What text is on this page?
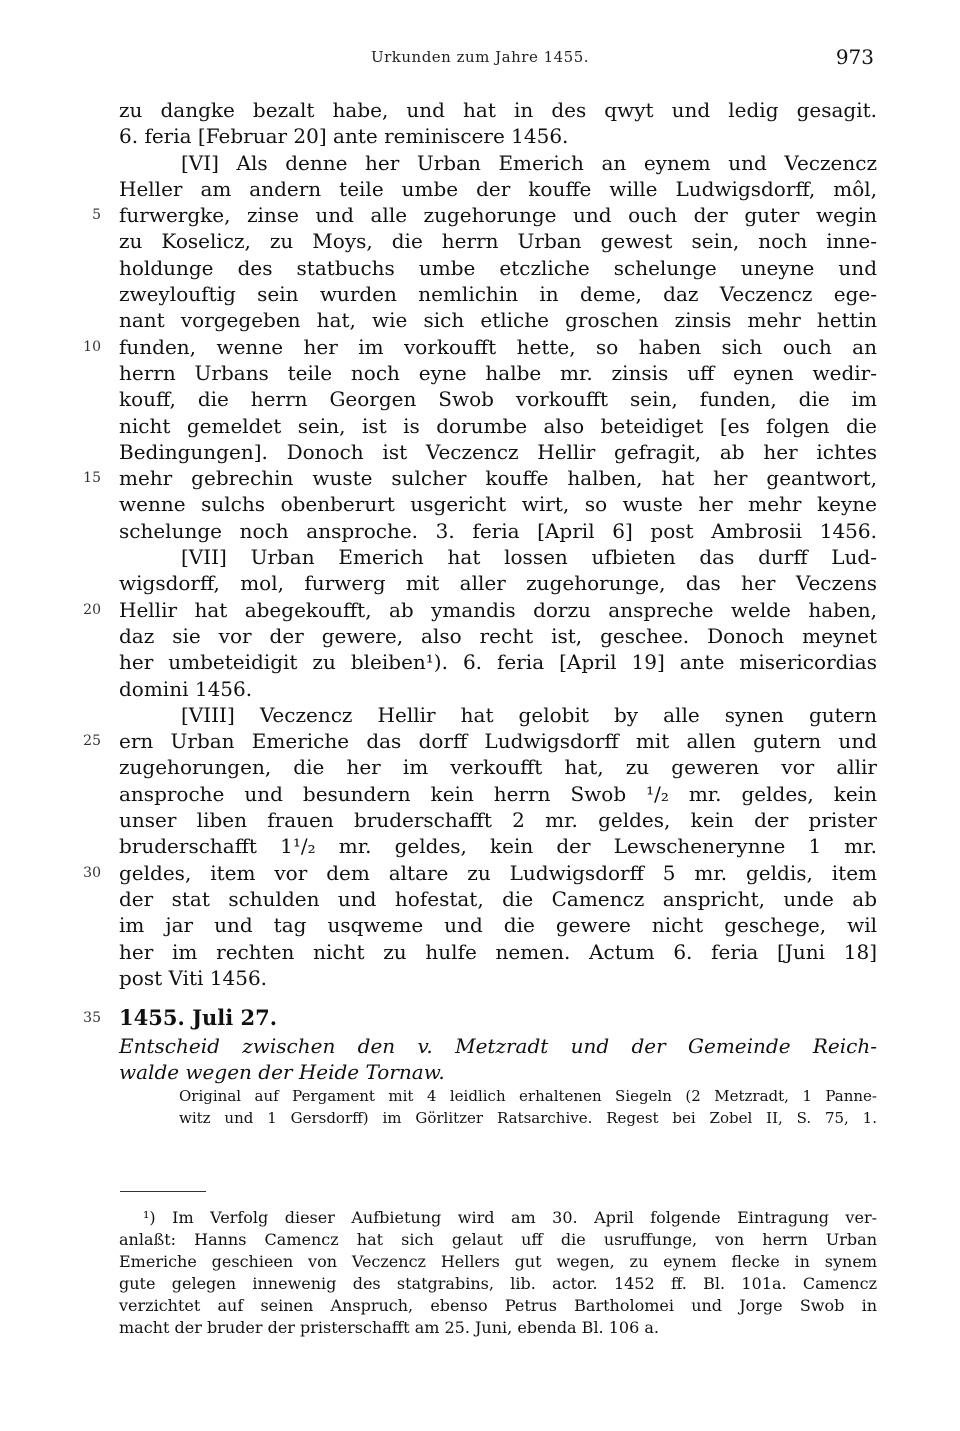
Urkunden zum Jahre 1455.	973
zu dangke bezalt habe, und hat in des qwyt und ledig gesagit.
6. feria [Februar 20] ante reminiscere 1456.
[VI] Als denne her Urban Emerich an eynem und Veczencz
Heller am andern teile umbe der kouffe wille Ludwigsdorff, môl,
5 furwergke, zinse und alle zugehorunge und ouch der guter wegin
zu Koselicz, zu Moys, die herrn Urban gewest sein, noch inne-
holdunge des statbuchs umbe etczliche schelunge uneyne und
zweylouftig sein wurden nemlichin in deme, daz Veczencz ege-
nant vorgegeben hat, wie sich etliche groschen zinsis mehr hettin
10 funden, wenne her im vorkoufft hette, so haben sich ouch an
herrn Urbans teile noch eyne halbe mr. zinsis uff eynen wedir-
kouff, die herrn Georgen Swob vorkoufft sein, funden, die im
nicht gemeldet sein, ist is dorumbe also beteidiget [es folgen die
Bedingungen]. Donoch ist Veczencz Hellir gefragit, ab her ichtes
15 mehr gebrechin wuste sulcher kouffe halben, hat her geantwort,
wenne sulchs obenberurt usgericht wirt, so wuste her mehr keyne
schelunge noch ansproche. 3. feria [April 6] post Ambrosii 1456.
[VII] Urban Emerich hat lossen ufbieten das durff Lud-
wigsdorff, mol, furwerg mit aller zugehorunge, das her Veczens
20 Hellir hat abegekoufft, ab ymandis dorzu anspreche welde haben,
daz sie vor der gewere, also recht ist, geschee. Donoch meynet
her umbeteidigit zu bleiben¹). 6. feria [April 19] ante misericordias
domini 1456.
[VIII] Veczencz Hellir hat gelobit by alle synen gutern
25 ern Urban Emeriche das dorff Ludwigsdorff mit allen gutern und
zugehorungen, die her im verkoufft hat, zu geweren vor allir
ansproche und besundern kein herrn Swob ¹/₂ mr. geldes, kein
unser liben frauen bruderschafft 2 mr. geldes, kein der prister
bruderschafft 1¹/₂ mr. geldes, kein der Lewschenerynne 1 mr.
30 geldes, item vor dem altare zu Ludwigsdorff 5 mr. geldis, item
der stat schulden und hofestat, die Camencz anspricht, unde ab
im jar und tag usqweme und die gewere nicht geschege, wil
her im rechten nicht zu hulfe nemen. Actum 6. feria [Juni 18]
post Viti 1456.
35 1455. Juli 27.
Entscheid zwischen den v. Metzradt und der Gemeinde Reich-
walde wegen der Heide Tornaw.
Original auf Pergament mit 4 leidlich erhaltenen Siegeln (2 Metzradt, 1 Panne-
witz und 1 Gersdorff) im Görlitzer Ratsarchive. Regest bei Zobel II, S. 75, 1.
¹) Im Verfolg dieser Aufbietung wird am 30. April folgende Eintragung ver-
anlaßt: Hanns Camencz hat sich gelaut uff die usruffunge, von herrn Urban
Emeriche geschieen von Veczencz Hellers gut wegen, zu eynem flecke in synem
gute gelegen innewenig des statgrabins, lib. actor. 1452 ff. Bl. 101a. Camencz
verzichtet auf seinen Anspruch, ebenso Petrus Bartholomei und Jorge Swob in
macht der bruder der pristerschafft am 25. Juni, ebenda Bl. 106 a.
